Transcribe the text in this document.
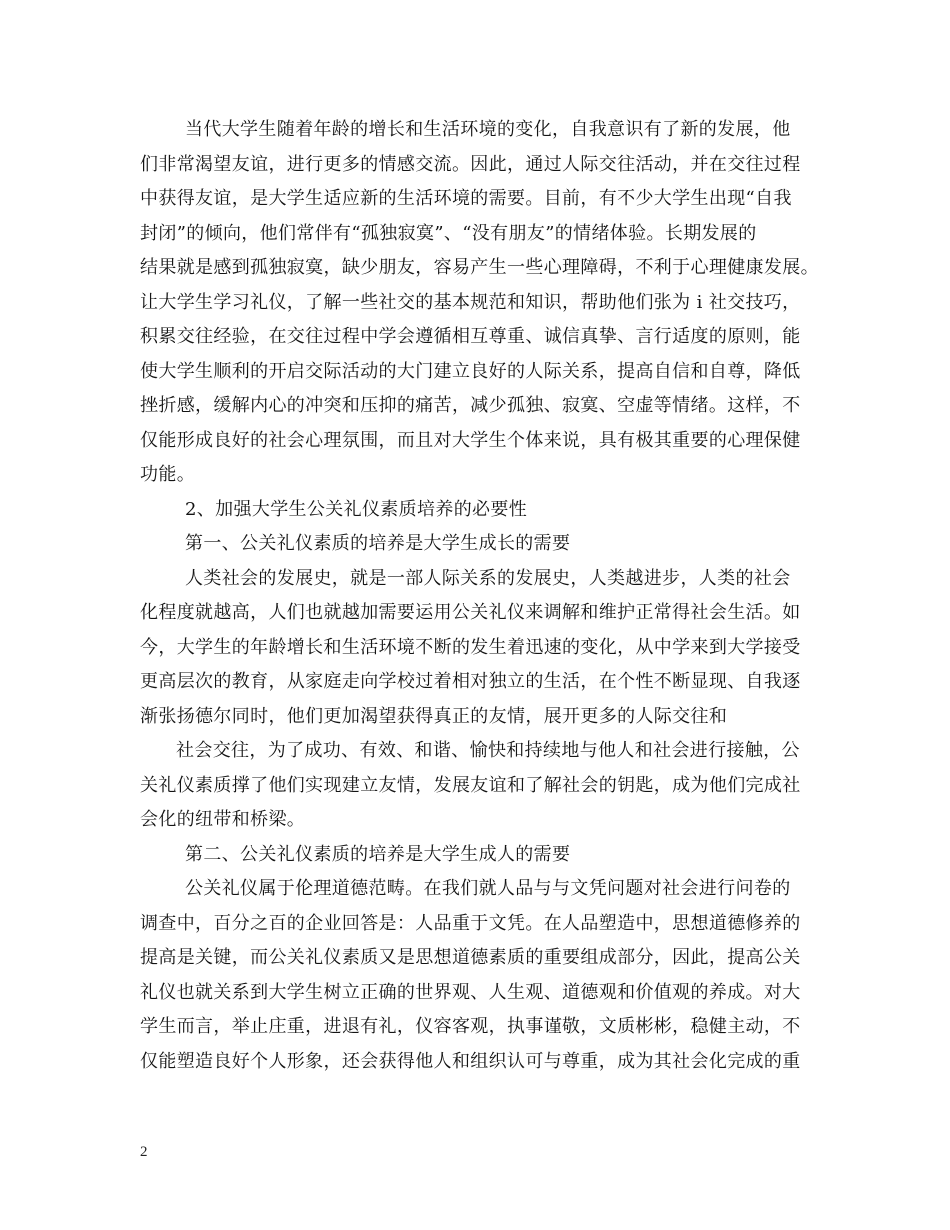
当代大学生随着年龄的增长和生活环境的变化，自我意识有了新的发展，他
们非常渴望友谊，进行更多的情感交流。因此，通过人际交往活动，并在交往过程
中获得友谊，是大学生适应新的生活环境的需要。目前，有不少大学生出现“自我
封闭”的倾向，他们常伴有“孤独寂寞”、“没有朋友”的情绪体验。长期发展的
结果就是感到孤独寂寞，缺少朋友，容易产生一些心理障碍，不利于心理健康发展。
让大学生学习礼仪，了解一些社交的基本规范和知识，帮助他们张为 i 社交技巧，
积累交往经验，在交往过程中学会遵循相互尊重、诚信真挚、言行适度的原则，能
使大学生顺利的开启交际活动的大门建立良好的人际关系，提高自信和自尊，降低
挫折感，缓解内心的冲突和压抑的痛苦，减少孤独、寂寞、空虚等情绪。这样，不
仅能形成良好的社会心理氛围，而且对大学生个体来说，具有极其重要的心理保健
功能。
2、加强大学生公关礼仪素质培养的必要性
第一、公关礼仪素质的培养是大学生成长的需要
人类社会的发展史，就是一部人际关系的发展史，人类越进步，人类的社会
化程度就越高，人们也就越加需要运用公关礼仪来调解和维护正常得社会生活。如
今，大学生的年龄增长和生活环境不断的发生着迅速的变化，从中学来到大学接受
更高层次的教育，从家庭走向学校过着相对独立的生活，在个性不断显现、自我逐
渐张扬德尔同时，他们更加渴望获得真正的友情，展开更多的人际交往和
社会交往，为了成功、有效、和谐、愉快和持续地与他人和社会进行接触，公
关礼仪素质撑了他们实现建立友情，发展友谊和了解社会的钥匙，成为他们完成社
会化的纽带和桥梁。
第二、公关礼仪素质的培养是大学生成人的需要
公关礼仪属于伦理道德范畴。在我们就人品与与文凭问题对社会进行问卷的
调查中，百分之百的企业回答是：人品重于文凭。在人品塑造中，思想道德修养的
提高是关键，而公关礼仪素质又是思想道德素质的重要组成部分，因此，提高公关
礼仪也就关系到大学生树立正确的世界观、人生观、道德观和价值观的养成。对大
学生而言，举止庄重，进退有礼，仪容客观，执事谨敬，文质彬彬，稳健主动，不
仅能塑造良好个人形象，还会获得他人和组织认可与尊重，成为其社会化完成的重
2
